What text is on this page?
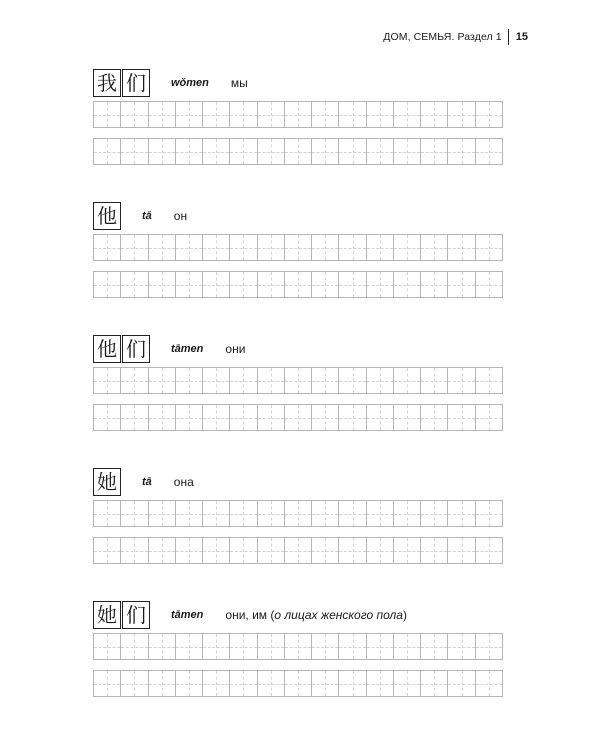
ДОМ, СЕМЬЯ. Раздел 1 15
我 们	wǒmen мы
他	tā он
他 们	tāmen они
她	tā она
她 们	tāmen они, им (о лицах женского пола)
